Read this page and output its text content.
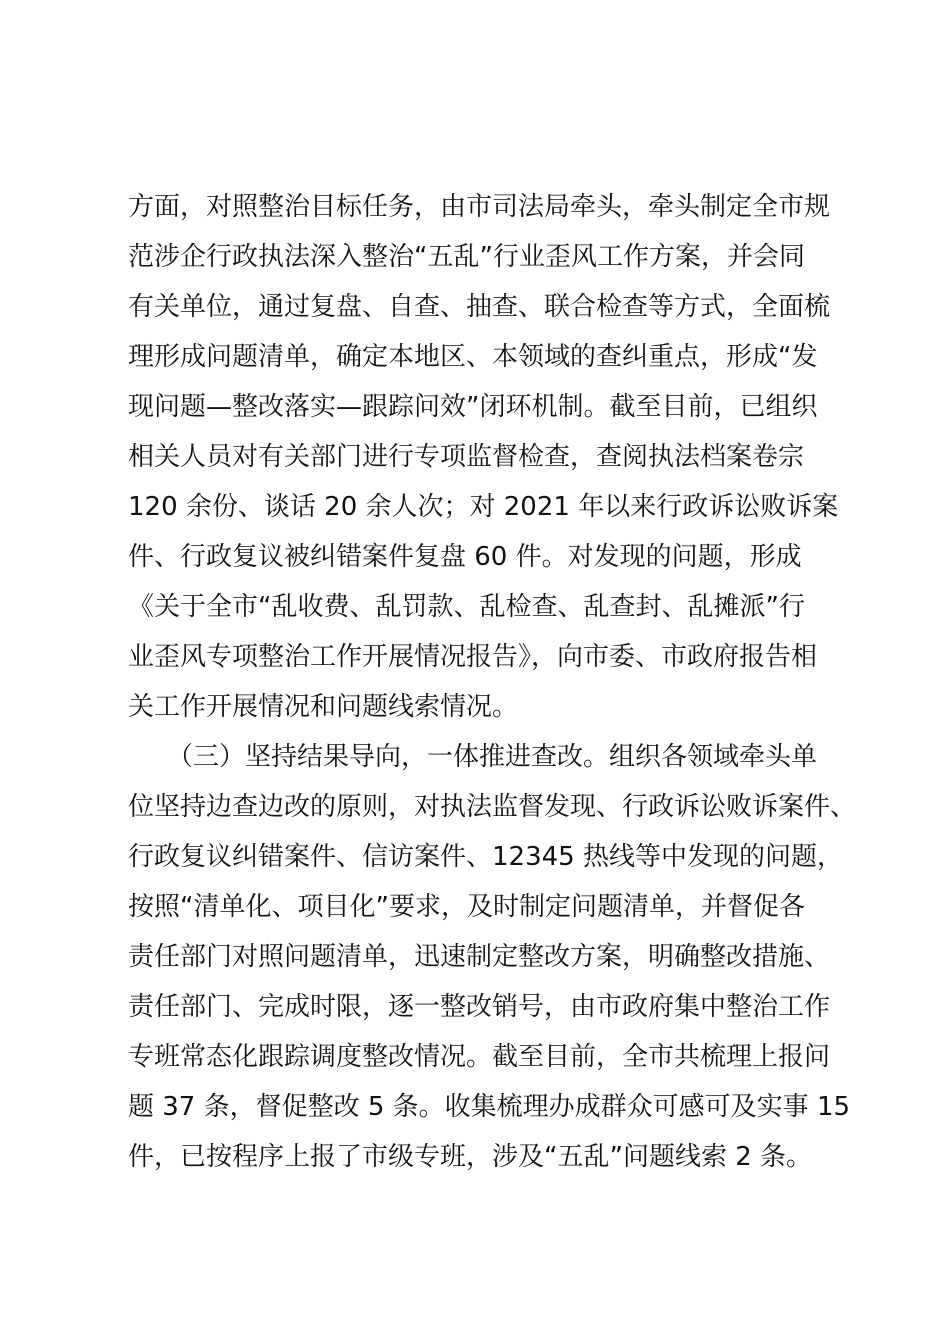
方面，对照整治目标任务，由市司法局牵头，牵头制定全市规
范涉企行政执法深入整治“五乱”行业歪风工作方案，并会同
有关单位，通过复盘、自查、抽查、联合检查等方式，全面梳
理形成问题清单，确定本地区、本领域的查纠重点，形成“发
现问题—整改落实—跟踪问效”闭环机制。截至目前，已组织
相关人员对有关部门进行专项监督检查，查阅执法档案卷宗
120 余份、谈话 20 余人次；对 2021 年以来行政诉讼败诉案
件、行政复议被纠错案件复盘 60 件。对发现的问题，形成
《关于全市“乱收费、乱罚款、乱检查、乱查封、乱摊派”行
业歪风专项整治工作开展情况报告》，向市委、市政府报告相
关工作开展情况和问题线索情况。
　　（三）坚持结果导向，一体推进查改。组织各领域牵头单
位坚持边查边改的原则，对执法监督发现、行政诉讼败诉案件、
行政复议纠错案件、信访案件、12345 热线等中发现的问题，
按照“清单化、项目化”要求，及时制定问题清单，并督促各
责任部门对照问题清单，迅速制定整改方案，明确整改措施、
责任部门、完成时限，逐一整改销号，由市政府集中整治工作
专班常态化跟踪调度整改情况。截至目前，全市共梳理上报问
题 37 条，督促整改 5 条。收集梳理办成群众可感可及实事 15
件，已按程序上报了市级专班，涉及“五乱”问题线索 2 条。
